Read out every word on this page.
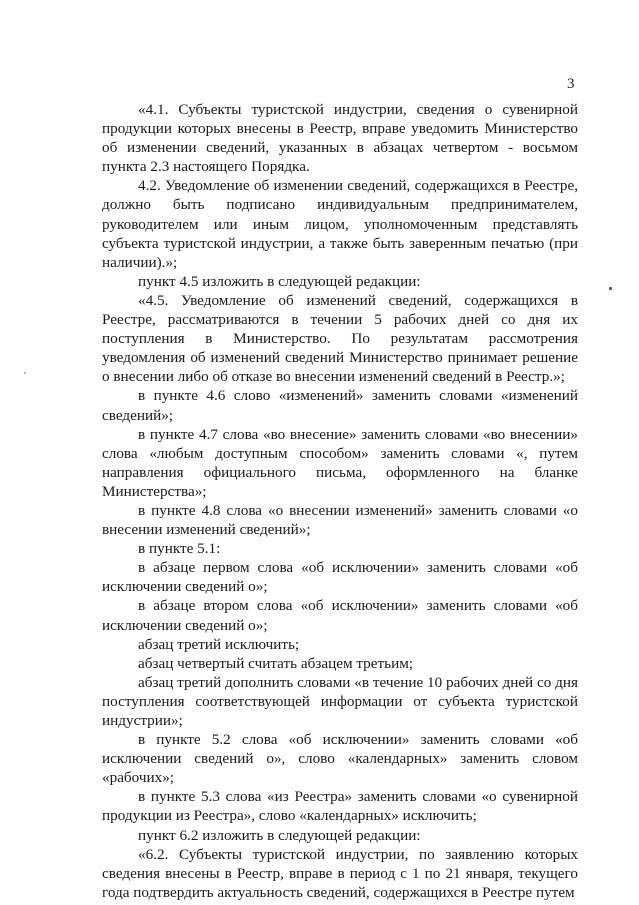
3

«4.1. Субъекты туристской индустрии, сведения о сувенирной продукции которых внесены в Реестр, вправе уведомить Министерство об изменении сведений, указанных в абзацах четвертом - восьмом пункта 2.3 настоящего Порядка.

4.2. Уведомление об изменении сведений, содержащихся в Реестре, должно быть подписано индивидуальным предпринимателем, руководителем или иным лицом, уполномоченным представлять субъекта туристской индустрии, а также быть заверенным печатью (при наличии).»;

пункт 4.5 изложить в следующей редакции:

«4.5. Уведомление об изменений сведений, содержащихся в Реестре, рассматриваются в течении 5 рабочих дней со дня их поступления в Министерство. По результатам рассмотрения уведомления об изменений сведений Министерство принимает решение о внесении либо об отказе во внесении изменений сведений в Реестр.»;

в пункте 4.6 слово «изменений» заменить словами «изменений сведений»;

в пункте 4.7 слова «во внесение» заменить словами «во внесении» слова «любым доступным способом» заменить словами «, путем направления официального письма, оформленного на бланке Министерства»;

в пункте 4.8 слова «о внесении изменений» заменить словами «о внесении изменений сведений»;

в пункте 5.1:

в абзаце первом слова «об исключении» заменить словами «об исключении сведений о»;

в абзаце втором слова «об исключении» заменить словами «об исключении сведений о»;

абзац третий исключить;

абзац четвертый считать абзацем третьим;

абзац третий дополнить словами «в течение 10 рабочих дней со дня поступления соответствующей информации от субъекта туристской индустрии»;

в пункте 5.2 слова «об исключении» заменить словами «об исключении сведений о», слово «календарных» заменить словом «рабочих»;

в пункте 5.3 слова «из Реестра» заменить словами «о сувенирной продукции из Реестра», слово «календарных» исключить;

пункт 6.2 изложить в следующей редакции:

«6.2. Субъекты туристской индустрии, по заявлению которых сведения внесены в Реестр, вправе в период с 1 по 21 января, текущего года подтвердить актуальность сведений, содержащихся в Реестре путем
